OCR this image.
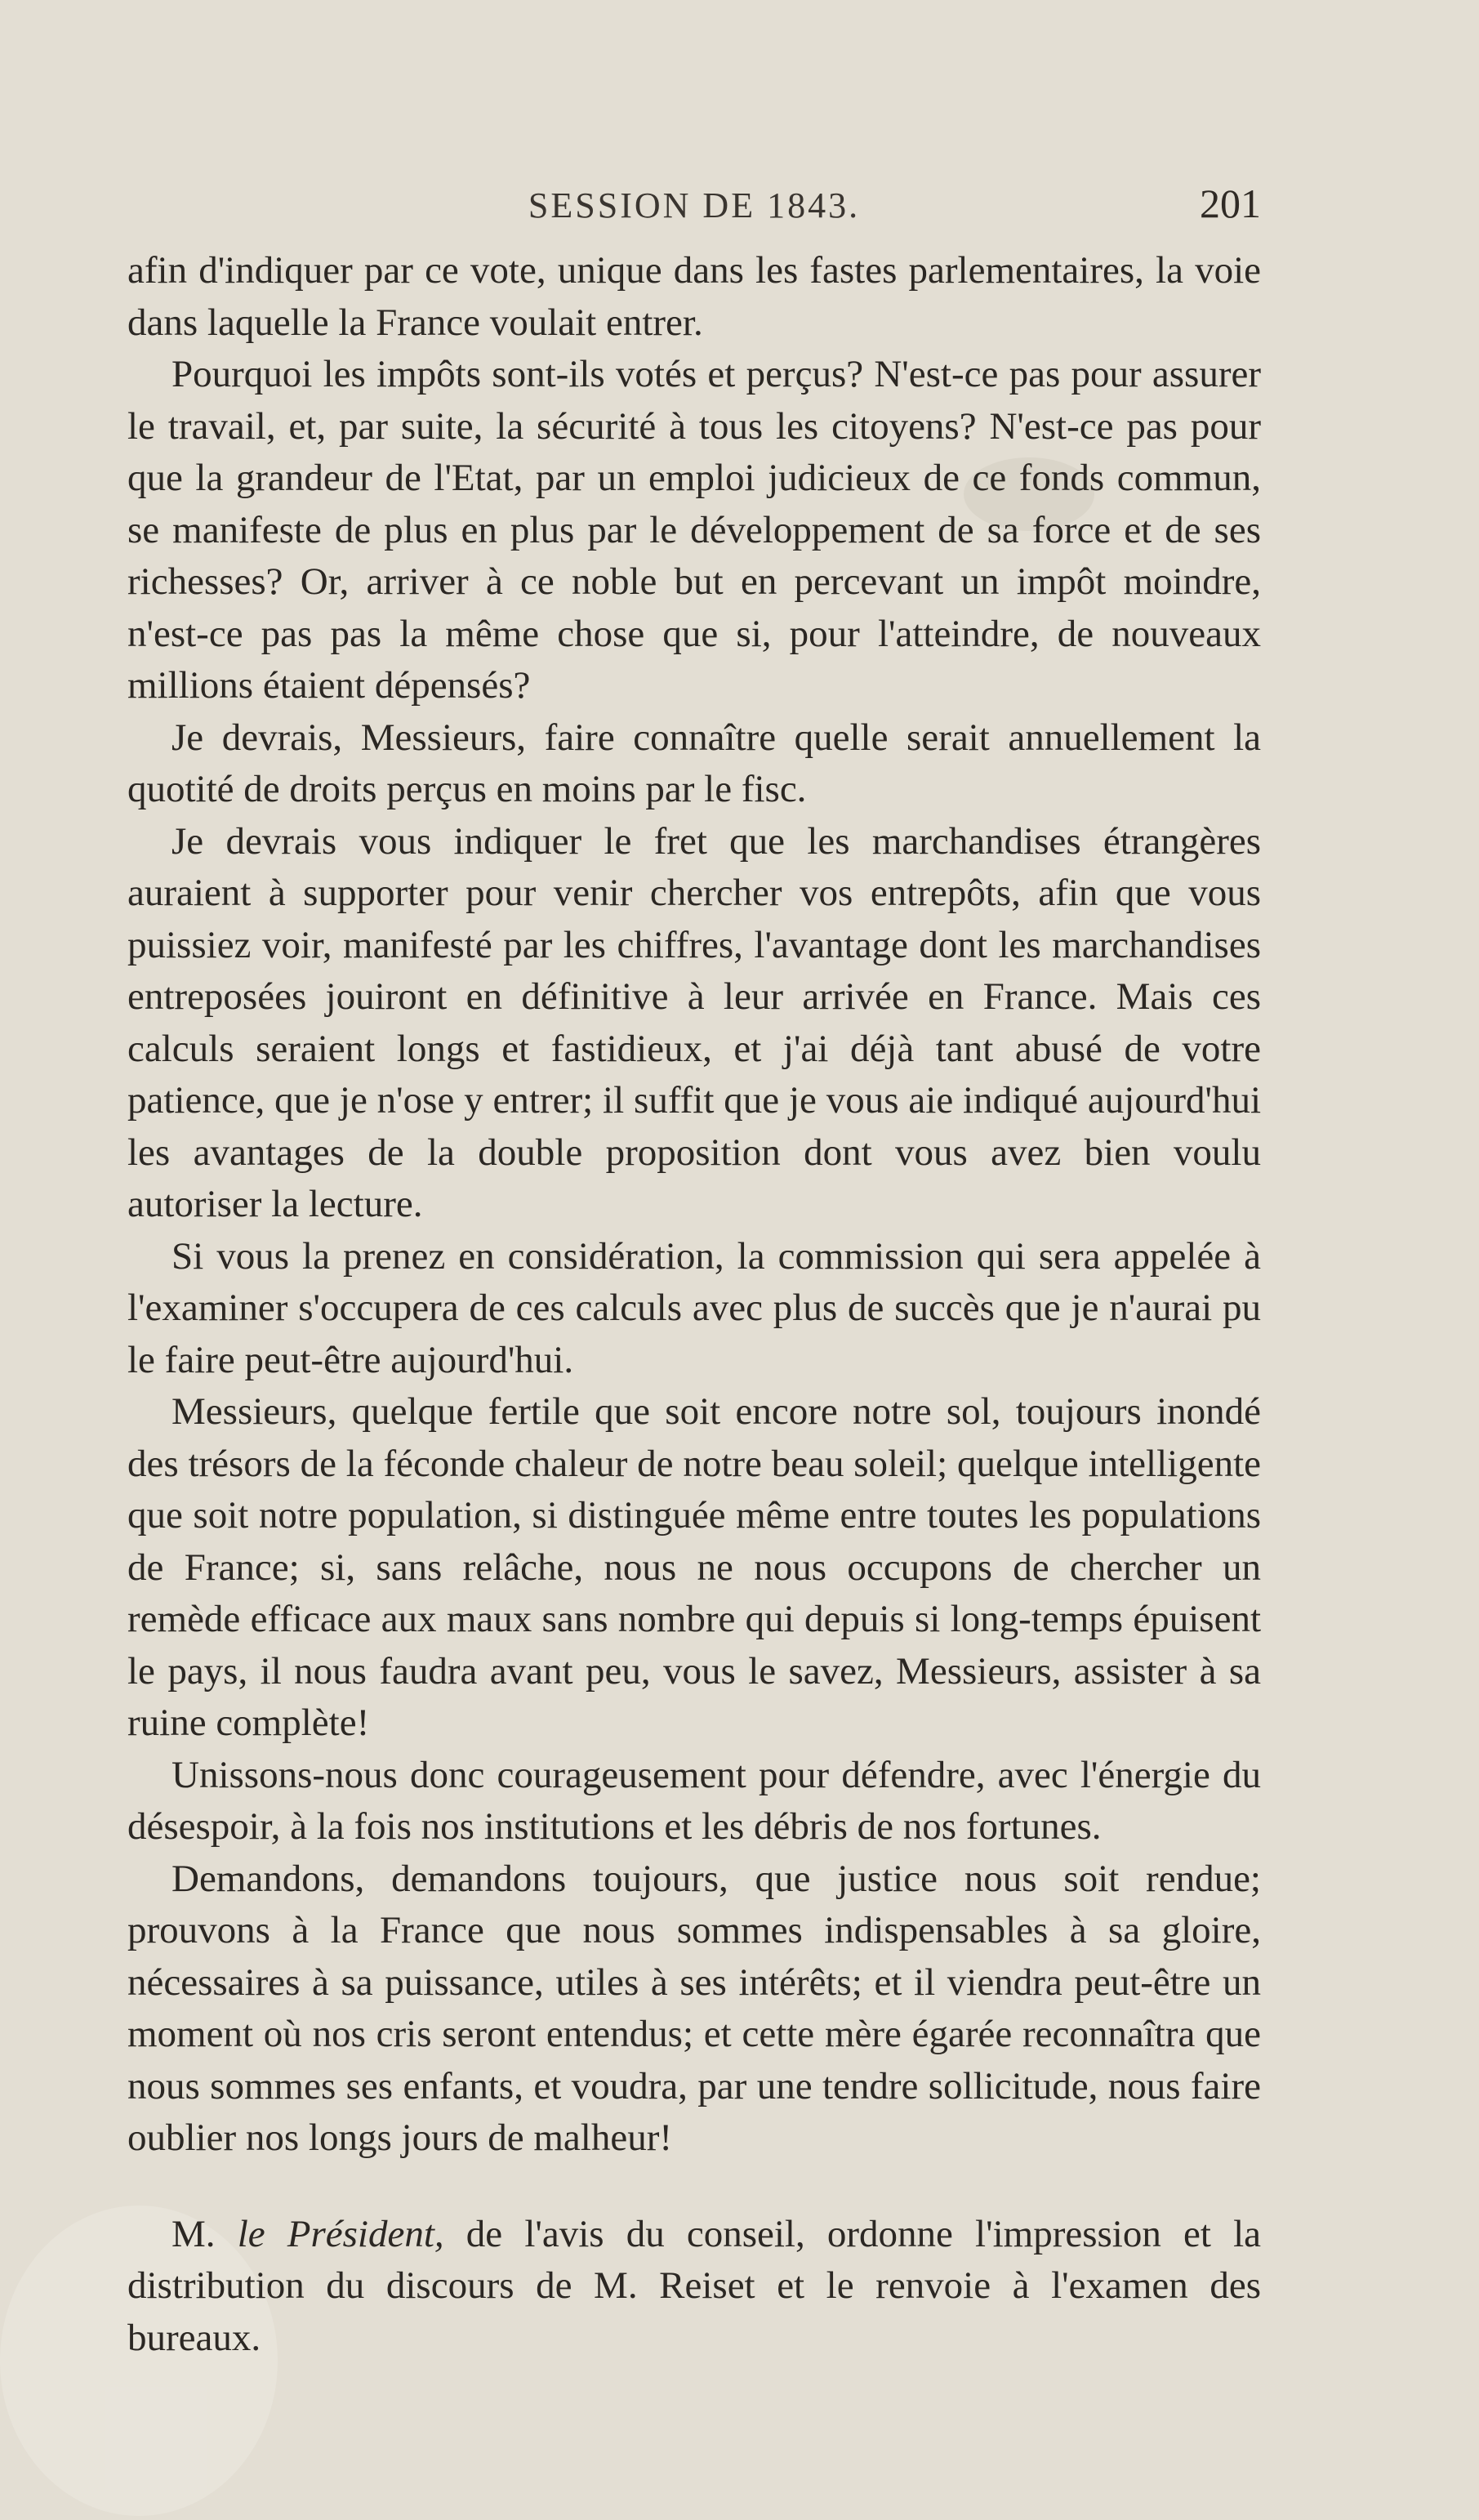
SESSION DE 1843.	201

afin d'indiquer par ce vote, unique dans les fastes parlementaires, la voie dans laquelle la France voulait entrer.

Pourquoi les impôts sont-ils votés et perçus? N'est-ce pas pour assurer le travail, et, par suite, la sécurité à tous les citoyens? N'est-ce pas pour que la grandeur de l'Etat, par un emploi judicieux de ce fonds commun, se manifeste de plus en plus par le développement de sa force et de ses richesses? Or, arriver à ce noble but en percevant un impôt moindre, n'est-ce pas pas la même chose que si, pour l'atteindre, de nouveaux millions étaient dépensés?

Je devrais, Messieurs, faire connaître quelle serait annuellement la quotité de droits perçus en moins par le fisc.

Je devrais vous indiquer le fret que les marchandises étrangères auraient à supporter pour venir chercher vos entrepôts, afin que vous puissiez voir, manifesté par les chiffres, l'avantage dont les marchandises entreposées jouiront en définitive à leur arrivée en France. Mais ces calculs seraient longs et fastidieux, et j'ai déjà tant abusé de votre patience, que je n'ose y entrer; il suffit que je vous aie indiqué aujourd'hui les avantages de la double proposition dont vous avez bien voulu autoriser la lecture.

Si vous la prenez en considération, la commission qui sera appelée à l'examiner s'occupera de ces calculs avec plus de succès que je n'aurai pu le faire peut-être aujourd'hui.

Messieurs, quelque fertile que soit encore notre sol, toujours inondé des trésors de la féconde chaleur de notre beau soleil; quelque intelligente que soit notre population, si distinguée même entre toutes les populations de France; si, sans relâche, nous ne nous occupons de chercher un remède efficace aux maux sans nombre qui depuis si long-temps épuisent le pays, il nous faudra avant peu, vous le savez, Messieurs, assister à sa ruine complète!

Unissons-nous donc courageusement pour défendre, avec l'énergie du désespoir, à la fois nos institutions et les débris de nos fortunes.

Demandons, demandons toujours, que justice nous soit rendue; prouvons à la France que nous sommes indispensables à sa gloire, nécessaires à sa puissance, utiles à ses intérêts; et il viendra peut-être un moment où nos cris seront entendus; et cette mère égarée reconnaîtra que nous sommes ses enfants, et voudra, par une tendre sollicitude, nous faire oublier nos longs jours de malheur!

M. le Président, de l'avis du conseil, ordonne l'impression et la distribution du discours de M. Reiset et le renvoie à l'examen des bureaux.
